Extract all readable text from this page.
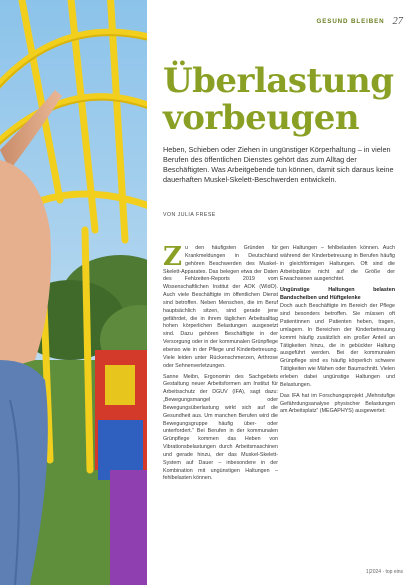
GESUND BLEIBEN 27
Überlastung
vorbeugen

Heben, Schieben oder Ziehen in ungünstiger Körperhaltung – in vielen Berufen des öffentlichen Dienstes gehört das zum Alltag der Beschäftigten. Was Arbeitgebende tun können, damit sich daraus keine dauerhaften Muskel-Skelett-Beschwerden entwickeln.

VON JULIA FRESE

Z u den häufigsten Gründen für Krankmeldungen in Deutschland gehören Beschwerden des Muskel-Skelett-Apparates. Das belegen etwa der Daten des Fehlzeiten-Reports 2019 vom Wissenschaftlichen Institut der AOK (WIdO). Auch viele Beschäftigte im öffentlichen Dienst sind betroffen. Neben Menschen, die im Beruf hauptsächlich sitzen, sind gerade jene gefährdet, die in ihrem täglichen Arbeitsalltag hohen körperlichen Belastungen ausgesetzt sind. Dazu gehören Beschäftigte in der Versorgung oder in der kommunalen Grünpflege ebenso wie in der Pflege und Kinderbetreuung. Viele leiden unter Rückenschmerzen, Arthrose oder Sehnenverletzungen.

Sanne Meibn, Ergonomin des Sachgebiets Gestaltung neuer Arbeitsformen am Institut für Arbeitsschutz der DGUV (IFA), sagt dazu: „Bewegungsmangel oder Bewegungsüberlastung wirkt sich auf die Gesundheit aus. Um manchen Berufen wird die Bewegungsgruppe häufig über- oder unterfordert.“ Bei Berufen in der kommunalen Grünpflege kommen das Heben von Vibrationsbelastungen durch Arbeitsmaschinen und gerade hinzu, der das Muskel-Skelett-System auf Dauer – inbesondere in der Kombination mit ungünstigen Haltungen – fehlbelasten können.

gen Haltungen – fehlbelasten können. Auch während der Kinderbetreuung in Berufen häufig in gleichförmigen Haltungen. Oft sind die Arbeitsplätze nicht auf die Größe der Erwachsenen ausgerichtet.

Ungünstige Haltungen belasten Bandscheiben und Hüftgelenke

Doch auch Beschäftigte im Bereich der Pflege sind besonders betroffen. Sie müssen oft Patientinnen und Patienten heben, tragen, umlagern. In Bereichen der Kinderbetreuung kommt häufig zusätzlich ein großer Anteil an Tätigkeiten hinzu, die in gebückter Haltung ausgeführt werden. Bei der kommunalen Grünpflege sind es häufig körperlich schwere Tätigkeiten wie Mähen oder Baumschnitt. Vielen erleben dabei ungünstige Haltungen und Belastungen.

Das IFA hat im Forschungsprojekt „Mehrstufige Gefährdungsanalyse physischer Belastungen am Arbeitsplatz“ (MEGAPHYS) ausgewertet:

1|2024 · top eins
